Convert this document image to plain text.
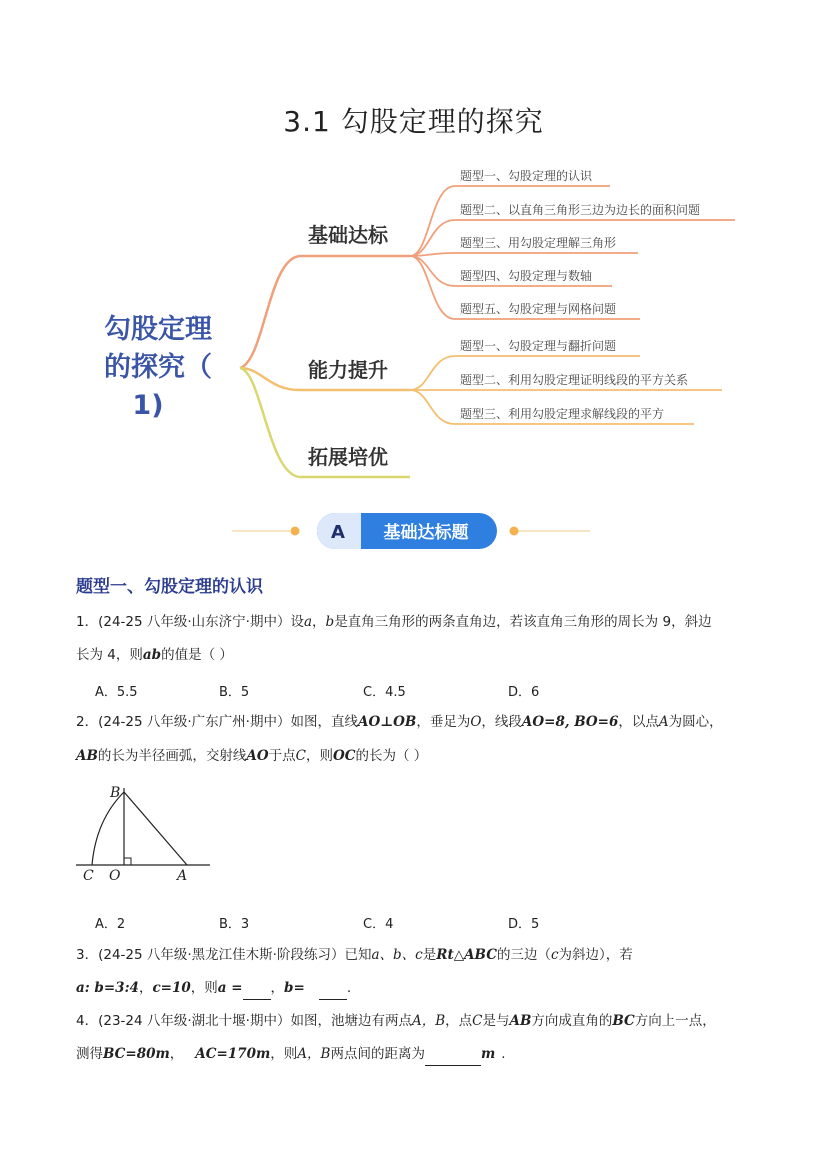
3.1 勾股定理的探究
勾股定理
的探究（
1)
基础达标
能力提升
拓展培优
题型一、勾股定理的认识
题型二、以直角三角形三边为边长的面积问题
题型三、用勾股定理解三角形
题型四、勾股定理与数轴
题型五、勾股定理与网格问题
题型一、勾股定理与翻折问题
题型二、利用勾股定理证明线段的平方关系
题型三、利用勾股定理求解线段的平方
A 基础达标题
题型一、勾股定理的认识
1．(24-25 八年级·山东济宁·期中）设a，b是直角三角形的两条直角边，若该直角三角形的周长为 9，斜边
长为 4，则ab的值是（ ）
A．5.5	B．5	C．4.5	D．6
2．(24-25 八年级·广东广州·期中）如图，直线AO⊥OB，垂足为O，线段AO=8, BO=6，以点A为圆心，
AB的长为半径画弧，交射线AO于点C，则OC的长为（ ）
B
C O	A
A．2	B．3	C．4	D．5
3．(24-25 八年级·黑龙江佳木斯·阶段练习）已知a、b、c是Rt△ABC的三边（c为斜边），若
a: b=3:4，c=10，则a = ，b=	.
4．(23-24 八年级·湖北十堰·期中）如图，池塘边有两点A，B，点C是与AB方向成直角的BC方向上一点，
测得BC=80m， AC=170m，则A，B两点间的距离为	m .
